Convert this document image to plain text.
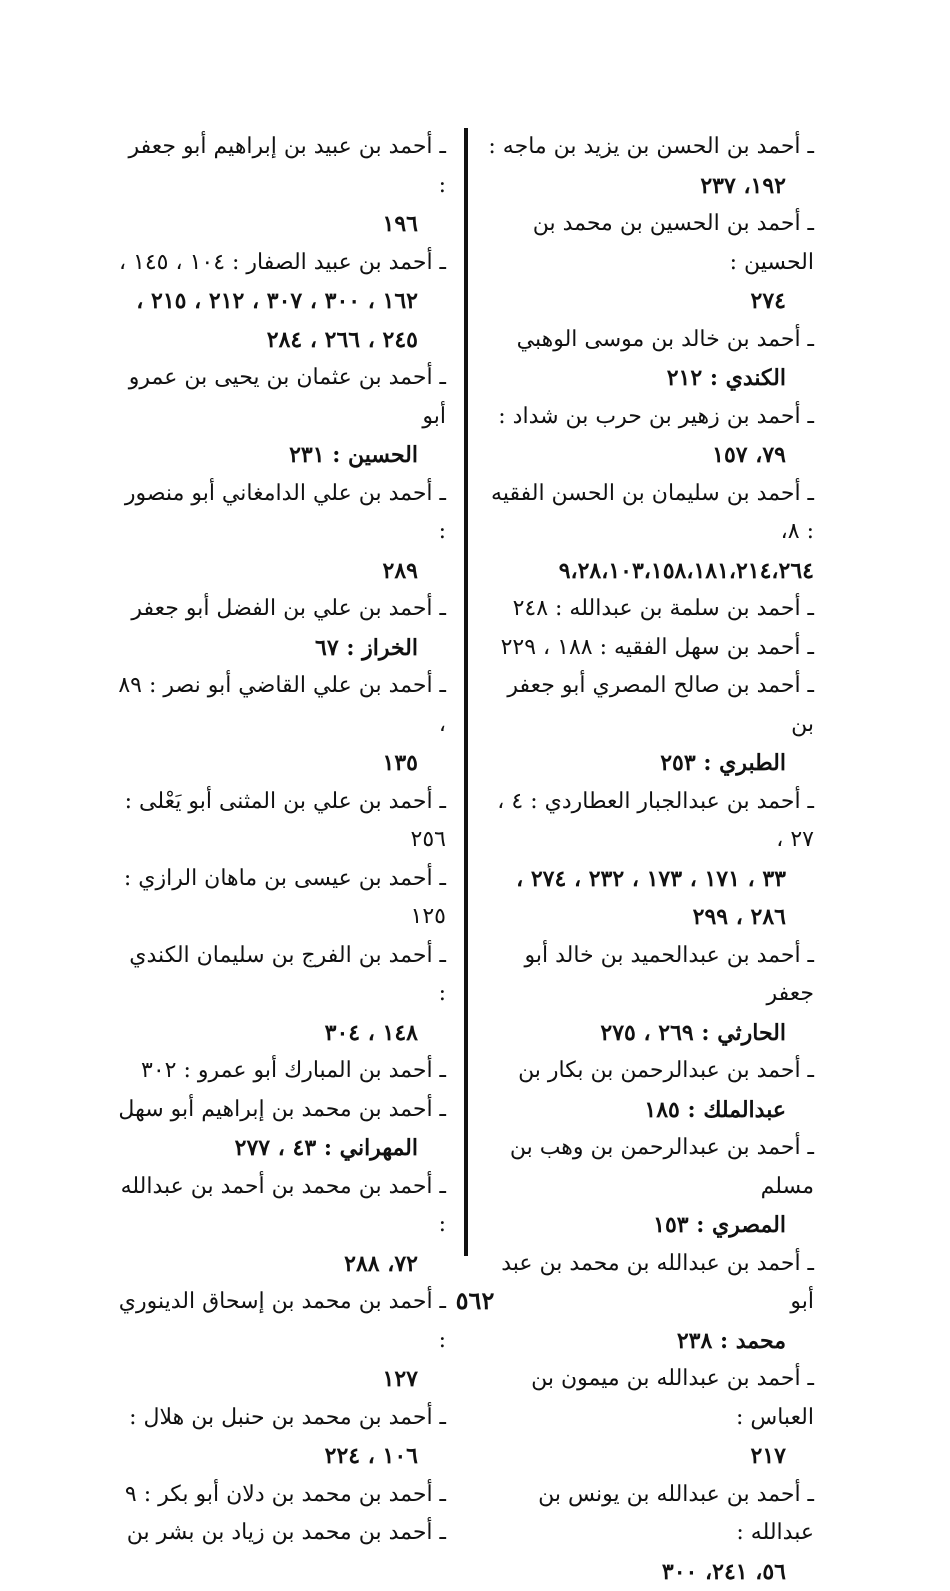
ـ أحمد بن الحسن بن يزيد بن ماجه :
١٩٢، ٢٣٧
ـ أحمد بن الحسين بن محمد بن الحسين :
٢٧٤
ـ أحمد بن خالد بن موسى الوهبي
الكندي : ٢١٢
ـ أحمد بن زهير بن حرب بن شداد :
٧٩، ١٥٧
ـ أحمد بن سليمان بن الحسن الفقيه : ٨،
٩،٢٨،١٠٣،١٥٨،١٨١،٢١٤،٢٦٤
ـ أحمد بن سلمة بن عبدالله : ٢٤٨
ـ أحمد بن سهل الفقيه : ١٨٨ ، ٢٢٩
ـ أحمد بن صالح المصري أبو جعفر بن
الطبري : ٢٥٣
ـ أحمد بن عبدالجبار العطاردي : ٤ ، ٢٧ ،
٣٣ ، ١٧١ ، ١٧٣ ، ٢٣٢ ، ٢٧٤ ،
٢٨٦ ، ٢٩٩
ـ أحمد بن عبدالحميد بن خالد أبو جعفر
الحارثي : ٢٦٩ ، ٢٧٥
ـ أحمد بن عبدالرحمن بن بكار بن
عبدالملك : ١٨٥
ـ أحمد بن عبدالرحمن بن وهب بن مسلم
المصري : ١٥٣
ـ أحمد بن عبدالله بن محمد بن عبد أبو
محمد : ٢٣٨
ـ أحمد بن عبدالله بن ميمون بن العباس :
٢١٧
ـ أحمد بن عبدالله بن يونس بن عبدالله :
٥٦، ٢٤١، ٣٠٠
ـ أحمد بن عبيد بن إبراهيم أبو جعفر :
١٩٦
ـ أحمد بن عبيد الصفار : ١٠٤ ، ١٤٥ ،
١٦٢ ، ٣٠٠ ، ٣٠٧ ، ٢١٢ ، ٢١٥ ،
٢٤٥ ، ٢٦٦ ، ٢٨٤
ـ أحمد بن عثمان بن يحيى بن عمرو أبو
الحسين : ٢٣١
ـ أحمد بن علي الدامغاني أبو منصور :
٢٨٩
ـ أحمد بن علي بن الفضل أبو جعفر
الخراز : ٦٧
ـ أحمد بن علي القاضي أبو نصر : ٨٩ ،
١٣٥
ـ أحمد بن علي بن المثنى أبو يَعْلى : ٢٥٦
ـ أحمد بن عيسى بن ماهان الرازي : ١٢٥
ـ أحمد بن الفرج بن سليمان الكندي :
١٤٨ ، ٣٠٤
ـ أحمد بن المبارك أبو عمرو : ٣٠٢
ـ أحمد بن محمد بن إبراهيم أبو سهل
المهراني : ٤٣ ، ٢٧٧
ـ أحمد بن محمد بن أحمد بن عبدالله :
٧٢، ٢٨٨
ـ أحمد بن محمد بن إسحاق الدينوري :
١٢٧
ـ أحمد بن محمد بن حنبل بن هلال :
١٠٦ ، ٢٢٤
ـ أحمد بن محمد بن دلان أبو بكر : ٩
ـ أحمد بن محمد بن زياد بن بشر بن
٥٦٢
